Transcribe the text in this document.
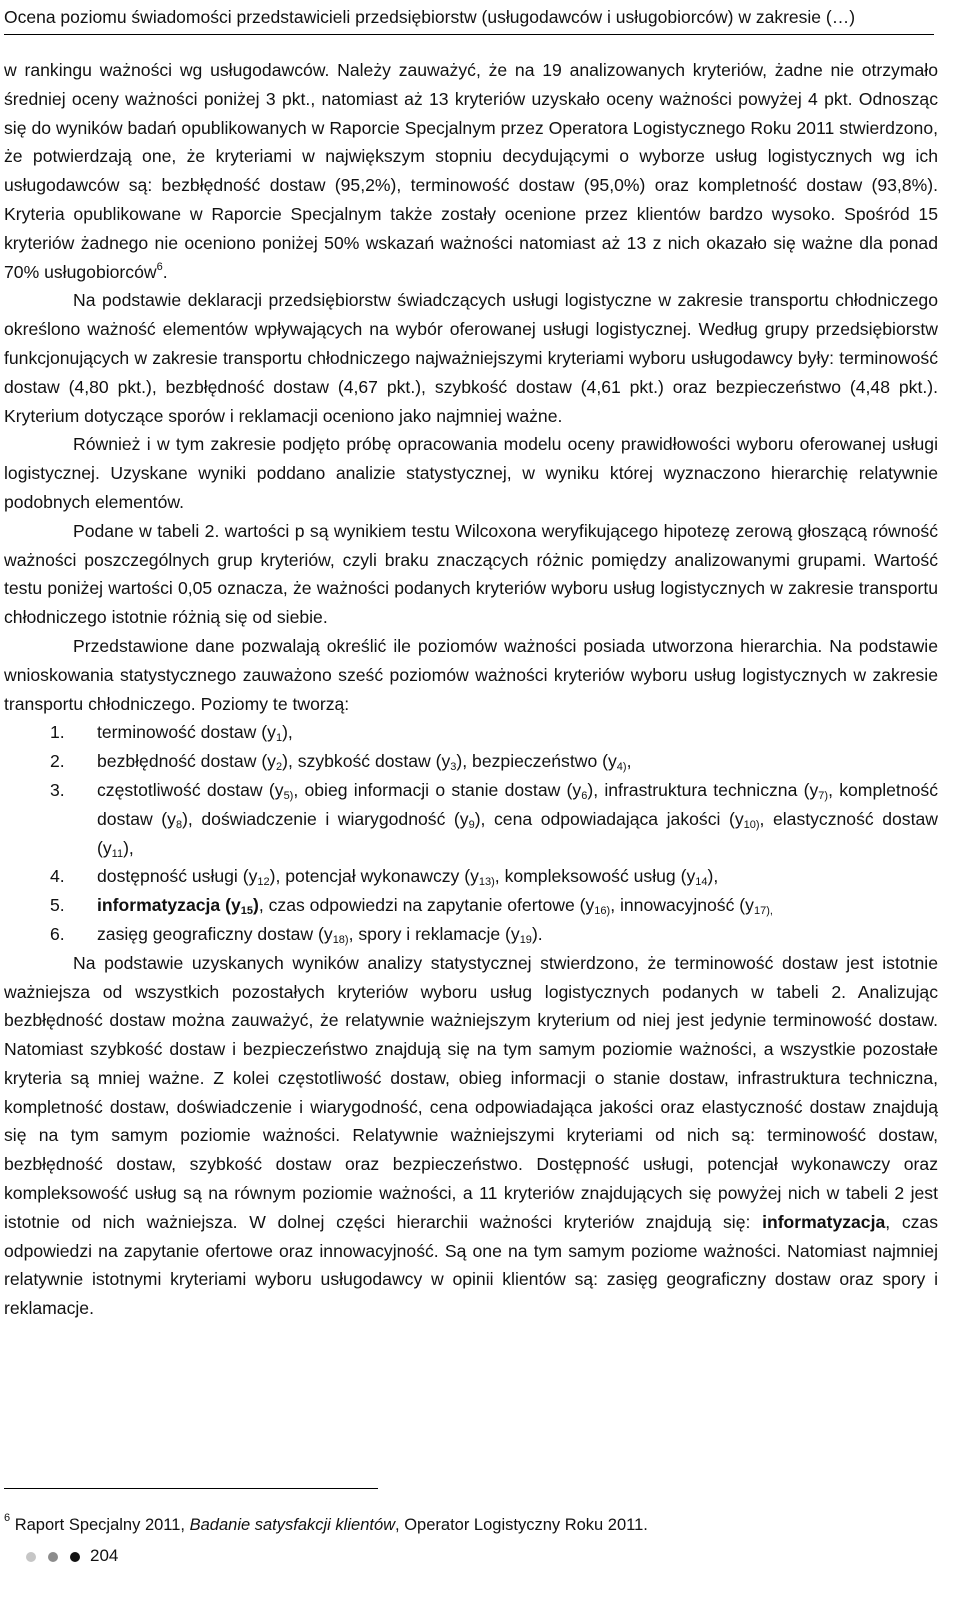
Ocena poziomu świadomości przedstawicieli przedsiębiorstw (usługodawców i usługobiorców) w zakresie (…)

w rankingu ważności wg usługodawców. Należy zauważyć, że na 19 analizowanych kryteriów, żadne nie otrzymało średniej oceny ważności poniżej 3 pkt., natomiast aż 13 kryteriów uzyskało oceny ważności powyżej 4 pkt. Odnosząc się do wyników badań opublikowanych w Raporcie Specjalnym przez Operatora Logistycznego Roku 2011 stwierdzono, że potwierdzają one, że kryteriami w największym stopniu decydującymi o wyborze usług logistycznych wg ich usługodawców są: bezbłędność dostaw (95,2%), terminowość dostaw (95,0%) oraz kompletność dostaw (93,8%). Kryteria opublikowane w Raporcie Specjalnym także zostały ocenione przez klientów bardzo wysoko. Spośród 15 kryteriów żadnego nie oceniono poniżej 50% wskazań ważności natomiast aż 13 z nich okazało się ważne dla ponad 70% usługobiorców$^6$.

Na podstawie deklaracji przedsiębiorstw świadczących usługi logistyczne w zakresie transportu chłodniczego określono ważność elementów wpływających na wybór oferowanej usługi logistycznej. Według grupy przedsiębiorstw funkcjonujących w zakresie transportu chłodniczego najważniejszymi kryteriami wyboru usługodawcy były: terminowość dostaw (4,80 pkt.), bezbłędność dostaw (4,67 pkt.), szybkość dostaw (4,61 pkt.) oraz bezpieczeństwo (4,48 pkt.). Kryterium dotyczące sporów i reklamacji oceniono jako najmniej ważne.

Również i w tym zakresie podjęto próbę opracowania modelu oceny prawidłowości wyboru oferowanej usługi logistycznej. Uzyskane wyniki poddano analizie statystycznej, w wyniku której wyznaczono hierarchię relatywnie podobnych elementów.

Podane w tabeli 2. wartości p są wynikiem testu Wilcoxona weryfikującego hipotezę zerową głoszącą równość ważności poszczególnych grup kryteriów, czyli braku znaczących różnic pomiędzy analizowanymi grupami. Wartość testu poniżej wartości 0,05 oznacza, że ważności podanych kryteriów wyboru usług logistycznych w zakresie transportu chłodniczego istotnie różnią się od siebie.

Przedstawione dane pozwalają określić ile poziomów ważności posiada utworzona hierarchia. Na podstawie wnioskowania statystycznego zauważono sześć poziomów ważności kryteriów wyboru usług logistycznych w zakresie transportu chłodniczego. Poziomy te tworzą:

1. terminowość dostaw $(y_1)$,
2. bezbłędność dostaw $(y_2)$, szybkość dostaw $(y_3)$, bezpieczeństwo ($y_{4)}$,
3. częstotliwość dostaw ($y_{5)}$, obieg informacji o stanie dostaw $(y_6)$, infrastruktura techniczna ($y_{7)}$, kompletność dostaw $(y_8)$, doświadczenie i wiarygodność $(y_9)$, cena odpowiadająca jakości ($y_{10)}$, elastyczność dostaw $(y_{11})$,
4. dostępność usługi $(y_{12})$, potencjał wykonawczy ($y_{13)}$, kompleksowość usług $(y_{14})$,
5. informatyzacja $(y_{15})$, czas odpowiedzi na zapytanie ofertowe ($y_{16)}$, innowacyjność ($y_{17),}$
6. zasięg geograficzny dostaw ($y_{18)}$, spory i reklamacje $(y_{19})$.

Na podstawie uzyskanych wyników analizy statystycznej stwierdzono, że terminowość dostaw jest istotnie ważniejsza od wszystkich pozostałych kryteriów wyboru usług logistycznych podanych w tabeli 2. Analizując bezbłędność dostaw można zauważyć, że relatywnie ważniejszym kryterium od niej jest jedynie terminowość dostaw. Natomiast szybkość dostaw i bezpieczeństwo znajdują się na tym samym poziomie ważności, a wszystkie pozostałe kryteria są mniej ważne. Z kolei częstotliwość dostaw, obieg informacji o stanie dostaw, infrastruktura techniczna, kompletność dostaw, doświadczenie i wiarygodność, cena odpowiadająca jakości oraz elastyczność dostaw znajdują się na tym samym poziomie ważności. Relatywnie ważniejszymi kryteriami od nich są: terminowość dostaw, bezbłędność dostaw, szybkość dostaw oraz bezpieczeństwo. Dostępność usługi, potencjał wykonawczy oraz kompleksowość usług są na równym poziomie ważności, a 11 kryteriów znajdujących się powyżej nich w tabeli 2 jest istotnie od nich ważniejsza. W dolnej części hierarchii ważności kryteriów znajdują się: informatyzacja, czas odpowiedzi na zapytanie ofertowe oraz innowacyjność. Są one na tym samym poziome ważności. Natomiast najmniej relatywnie istotnymi kryteriami wyboru usługodawcy w opinii klientów są: zasięg geograficzny dostaw oraz spory i reklamacje.

$^6$ Raport Specjalny 2011, Badanie satysfakcji klientów, Operator Logistyczny Roku 2011.
204
